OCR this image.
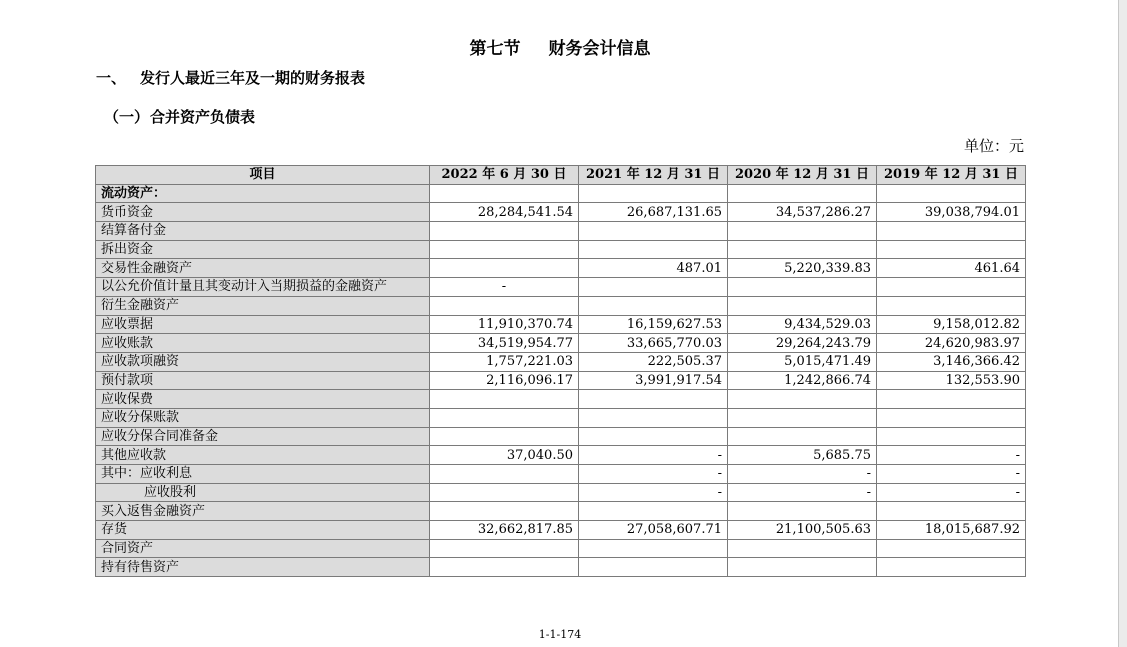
第七节 财务会计信息
一、 发行人最近三年及一期的财务报表
（一）合并资产负债表
单位：元
项目	2022 年 6 月 30 日	2021 年 12 月 31 日	2020 年 12 月 31 日	2019 年 12 月 31 日
流动资产：				
货币资金	28,284,541.54	26,687,131.65	34,537,286.27	39,038,794.01
结算备付金				
拆出资金				
交易性金融资产		487.01	5,220,339.83	461.64
以公允价值计量且其变动计入当期损益的金融资产	-			
衍生金融资产				
应收票据	11,910,370.74	16,159,627.53	9,434,529.03	9,158,012.82
应收账款	34,519,954.77	33,665,770.03	29,264,243.79	24,620,983.97
应收款项融资	1,757,221.03	222,505.37	5,015,471.49	3,146,366.42
预付款项	2,116,096.17	3,991,917.54	1,242,866.74	132,553.90
应收保费				
应收分保账款				
应收分保合同准备金				
其他应收款	37,040.50	-	5,685.75	-
其中：应收利息		-	-	-
应收股利		-	-	-
买入返售金融资产				
存货	32,662,817.85	27,058,607.71	21,100,505.63	18,015,687.92
合同资产				
持有待售资产				
1-1-174
